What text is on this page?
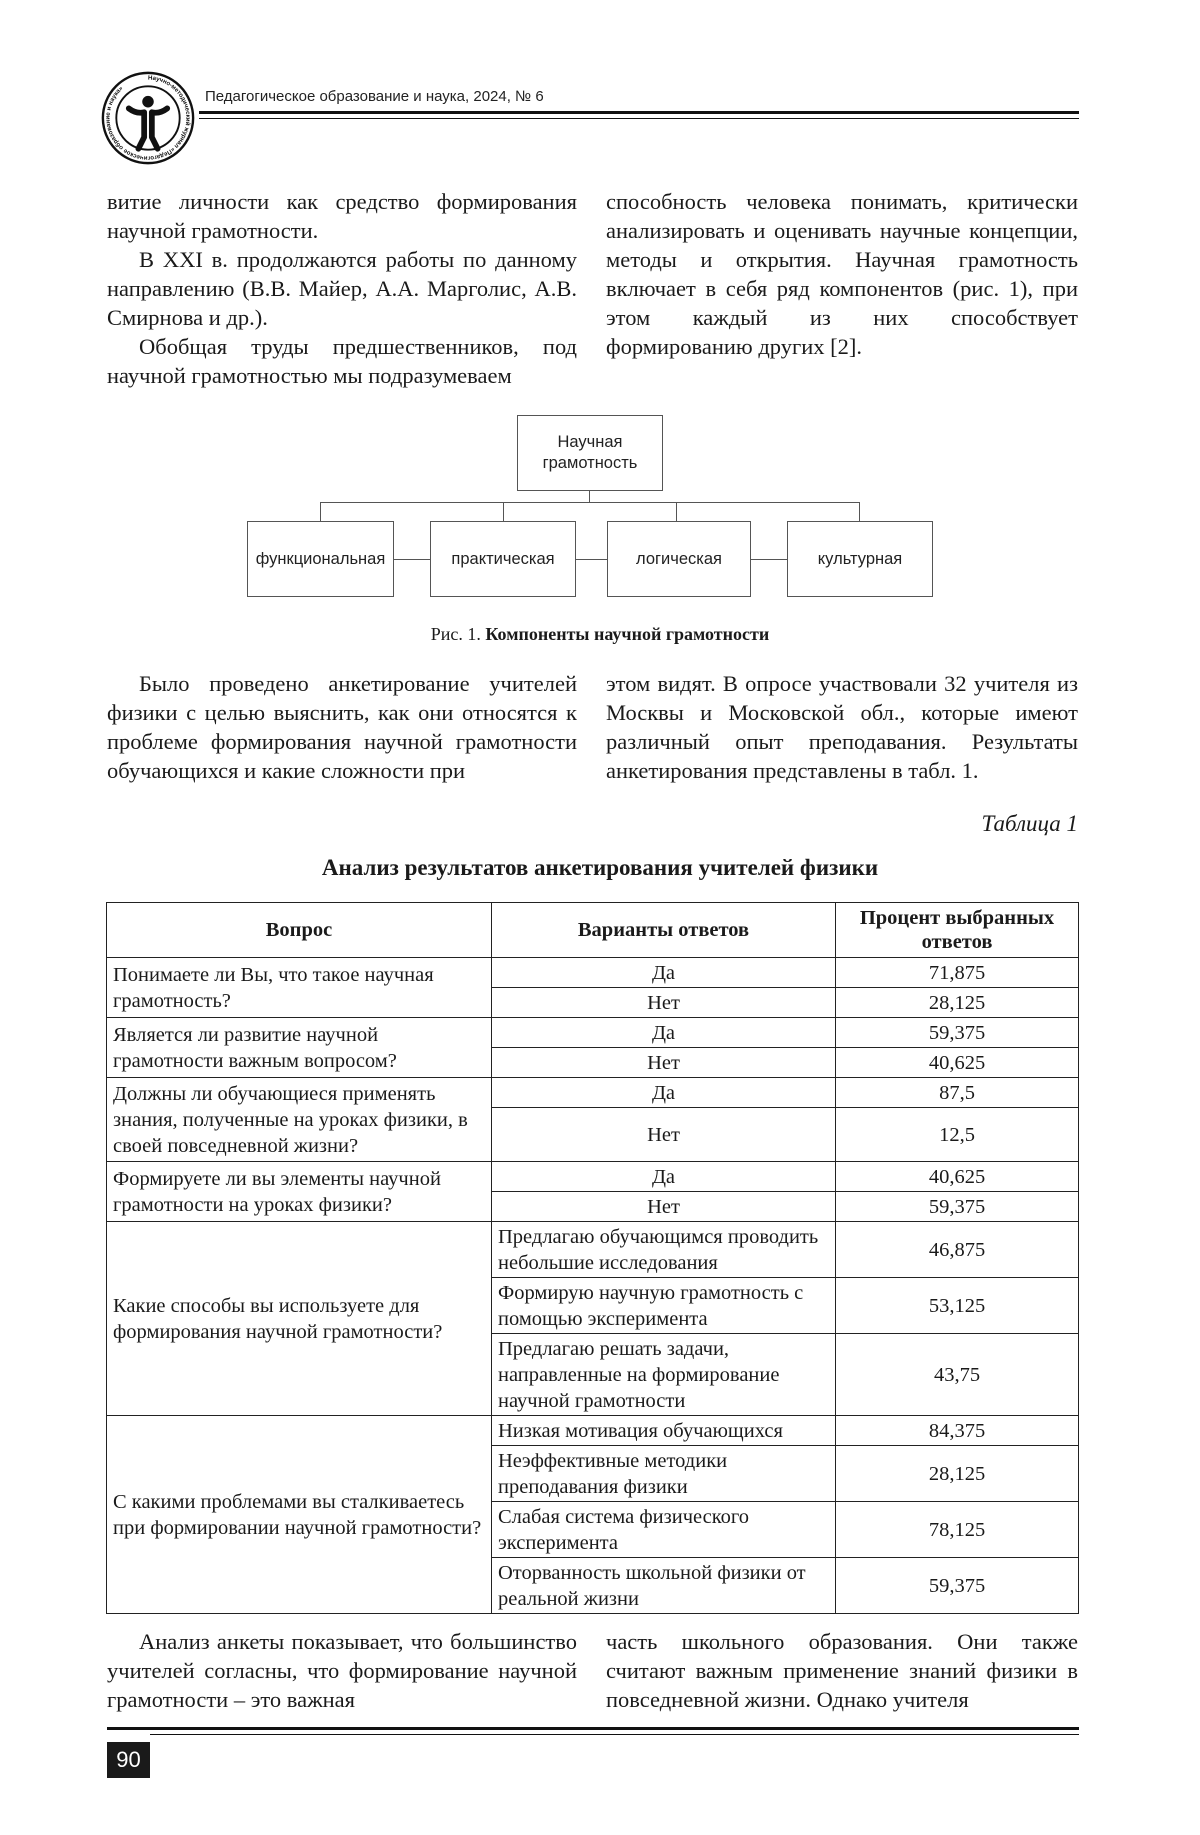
Научно-методический журнал «Педагогическое образование и наука»	Педагогическое образование и наука, 2024, № 6

витие личности как средство формирования научной грамотности.

В XXI в. продолжаются работы по данному направлению (В.В. Майер, А.А. Марголис, А.В. Смирнова и др.).

Обобщая труды предшественников, под научной грамотностью мы подразумеваем

способность человека понимать, критически анализировать и оценивать научные концепции, методы и открытия. Научная грамотность включает в себя ряд компонентов (рис. 1), при этом каждый из них способствует формированию других [2].

Научная грамотность
функциональная	практическая	логическая	культурная
Рис. 1. Компоненты научной грамотности

Было проведено анкетирование учителей физики с целью выяснить, как они относятся к проблеме формирования научной грамотности обучающихся и какие сложности при

этом видят. В опросе участвовали 32 учителя из Москвы и Московской обл., которые имеют различный опыт преподавания. Результаты анкетирования представлены в табл. 1.

Таблица 1
Анализ результатов анкетирования учителей физики
Вопрос	Варианты ответов	Процент выбранных ответов
Понимаете ли Вы, что такое научная грамотность?	Да	71,875
	Нет	28,125
Является ли развитие научной грамотности важным вопросом?	Да	59,375
	Нет	40,625
Должны ли обучающиеся применять знания, полученные на уроках физики, в своей повседневной жизни?	Да	87,5
	Нет	12,5
Формируете ли вы элементы научной грамотности на уроках физики?	Да	40,625
	Нет	59,375
Какие способы вы используете для формирования научной грамотности?	Предлагаю обучающимся проводить небольшие исследования	46,875
	Формирую научную грамотность с помощью эксперимента	53,125
	Предлагаю решать задачи, направленные на формирование научной грамотности	43,75
С какими проблемами вы сталкиваетесь при формировании научной грамотности?	Низкая мотивация обучающихся	84,375
	Неэффективные методики преподавания физики	28,125
	Слабая система физического эксперимента	78,125
	Оторванность школьной физики от реальной жизни	59,375

Анализ анкеты показывает, что большинство учителей согласны, что формирование научной грамотности – это важная

часть школьного образования. Они также считают важным применение знаний физики в повседневной жизни. Однако учителя

90
